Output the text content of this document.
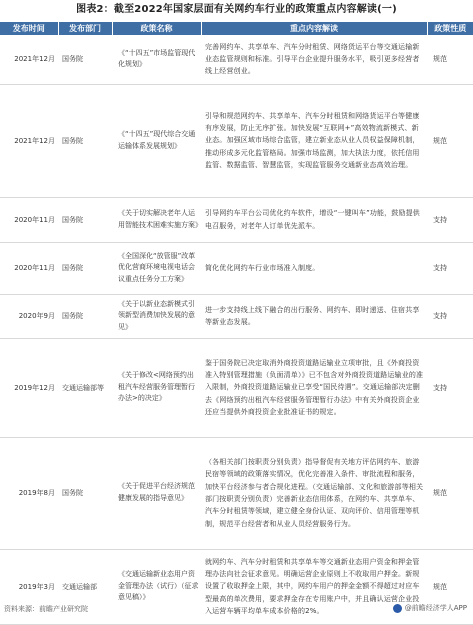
图表2：截至2022年国家层面有关网约车行业的政策重点内容解读(一)
发布时间	发布部门	政策名称	重点内容解读	政策性质
2021年12月	国务院	《“十四五”市场监管现代化规划》	完善网约车、共享单车、汽车分时租赁、网络货运平台等交通运输新业态监管规则和标准。引导平台企业提升服务水平，吸引更多经营者线上经营创业。	规范
2021年12月	国务院	《“十四五”现代综合交通运输体系发展规划》	引导和规范网约车、共享单车、汽车分时租赁和网络货运平台等健康有序发展，防止无序扩张。加快发展“互联网+”高效物流新模式、新业态。加强区域市场综合监管，建立新业态从业人员权益保障机制，推动形成多元化监管格局。加强市场监测，加大执法力度，依托信用监管、数据监管、智慧监管，实现监管服务交通新业态高效治理。	规范
2020年11月	国务院	《关于切实解决老年人运用智能技术困难实施方案》	引导网约车平台公司优化约车软件，增设“一键叫车”功能，鼓励提供电召服务，对老年人订单优先派车。	支持
2020年11月	国务院	《全国深化“放管服”改革优化营商环境电视电话会议重点任务分工方案》	简化优化网约车行业市场准入制度。	支持
2020年9月	国务院	《关于以新业态新模式引领新型消费加快发展的意见》	进一步支持线上线下融合的出行服务、网约车、即时递送、住宿共享等新业态发展。	支持
2019年12月	交通运输部等	《关于修改<网络预约出租汽车经营服务管理暂行办法>的决定》	鉴于国务院已决定取消外商投资道路运输业立项审批，且《外商投资准入特别管理措施（负面清单）》已不包含对外商投资道路运输业的准入限制，外商投资道路运输业已享受“国民待遇”。交通运输部决定删去《网络预约出租汽车经营服务管理暂行办法》中有关外商投资企业还应当提供外商投资企业批准证书的规定。	支持
2019年8月	国务院	《关于促进平台经济规范健康发展的指导意见》	（各相关部门按职责分别负责）指导督促有关地方评估网约车、旅游民宿等领域的政策落实情况，优化完善准入条件、审批流程和服务，加快平台经济参与者合规化进程。（交通运输部、文化和旅游部等相关部门按职责分别负责）完善新业态信用体系，在网约车、共享单车、汽车分时租赁等领域，建立健全身份认证、双向评价、信用管理等机制，规范平台经营者和从业人员经营服务行为。	规范
2019年3月	交通运输部	《交通运输新业态用户资金管理办法（试行）（征求意见稿）》	就网约车、汽车分时租赁和共享单车等交通新业态用户资金和押金管理办法向社会征求意见。明确运营企业原则上不收取用户押金。新规设置了收取押金上限，其中，网约车用户的押金金额不得超过对应车型最高的单次费用，要求押金存在专用账户中，并且确认运营企业投入运营车辆平均单车成本价格的2%。	规范
资料来源：前瞻产业研究院	@前瞻经济学人APP
